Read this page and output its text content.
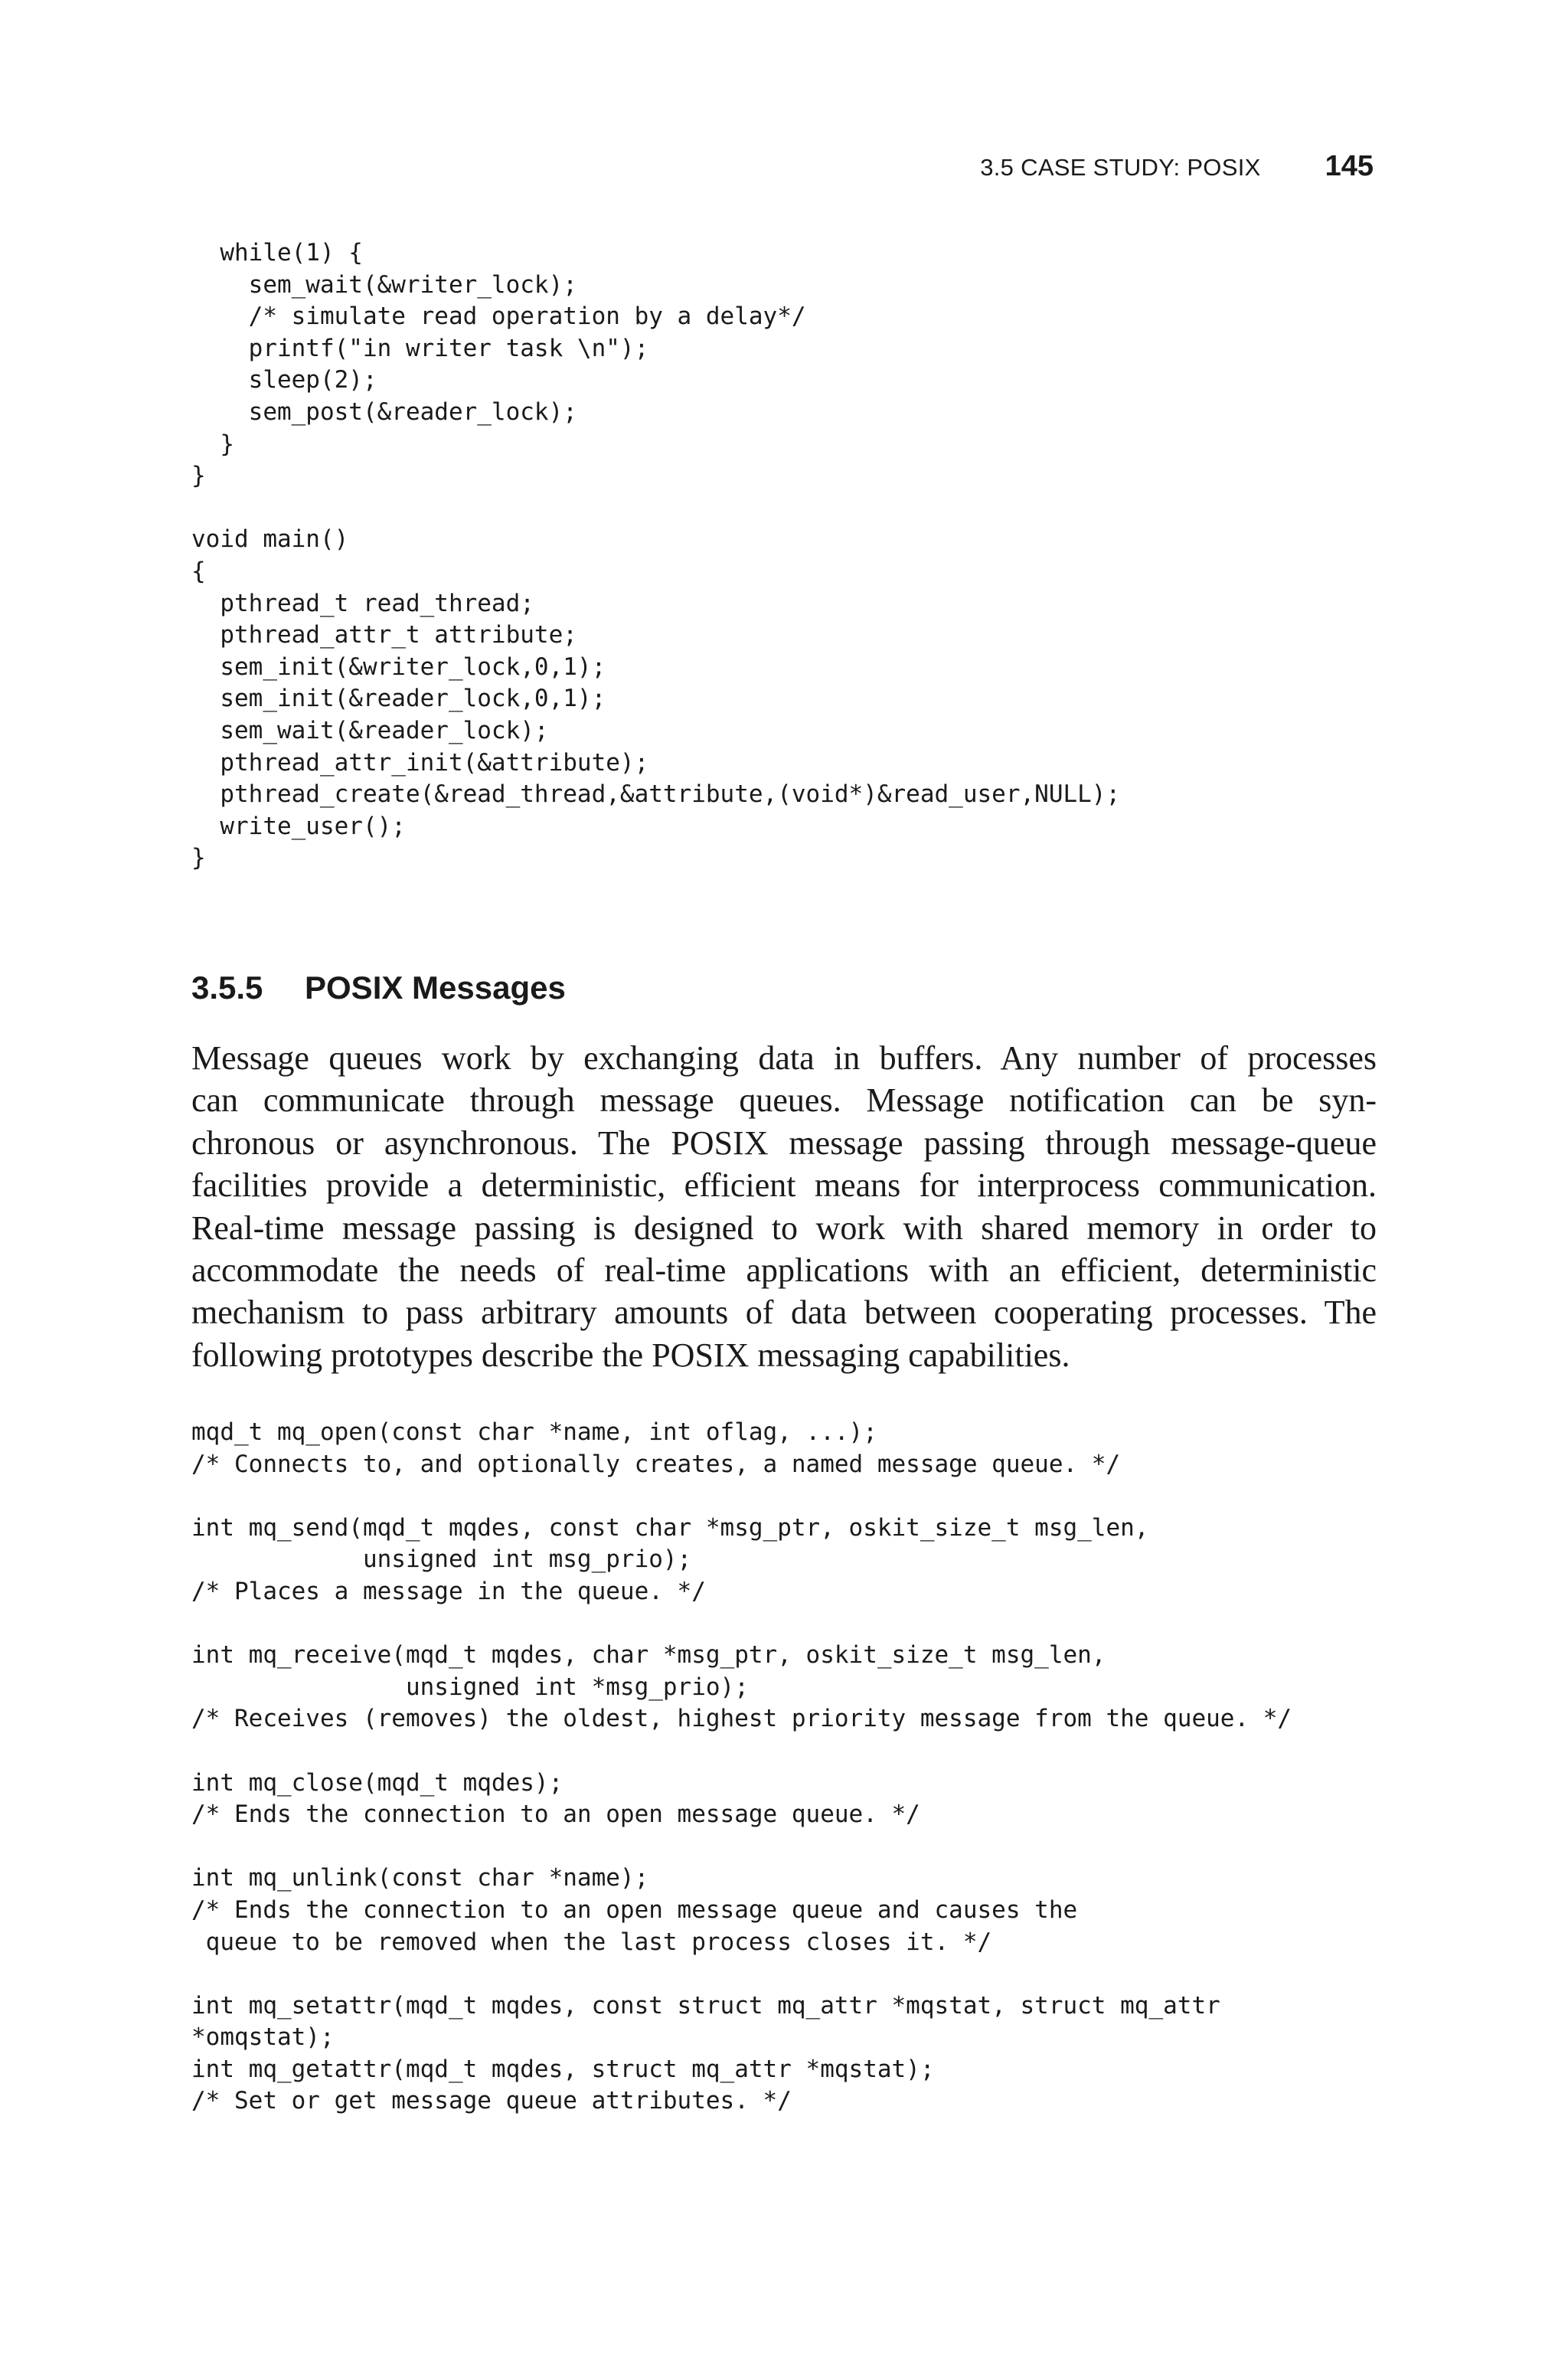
3.5 CASE STUDY: POSIX 145
while(1) {
sem_wait(&writer_lock);
/* simulate read operation by a delay*/
printf("in writer task \n");
sleep(2);
sem_post(&reader_lock);
}
}

void main()
{
pthread_t read_thread;
pthread_attr_t attribute;
sem_init(&writer_lock,0,1);
sem_init(&reader_lock,0,1);
sem_wait(&reader_lock);
pthread_attr_init(&attribute);
pthread_create(&read_thread,&attribute,(void*)&read_user,NULL);
write_user();
}
3.5.5	POSIX Messages

Message queues work by exchanging data in buffers. Any number of processes
can communicate through message queues. Message notification can be syn-
chronous or asynchronous. The POSIX message passing through message-queue
facilities provide a deterministic, efficient means for interprocess communication.
Real-time message passing is designed to work with shared memory in order to
accommodate the needs of real-time applications with an efficient, deterministic
mechanism to pass arbitrary amounts of data between cooperating processes. The
following prototypes describe the POSIX messaging capabilities.

mqd_t mq_open(const char *name, int oflag, ...);
/* Connects to, and optionally creates, a named message queue. */

int mq_send(mqd_t mqdes, const char *msg_ptr, oskit_size_t msg_len,
unsigned int msg_prio);
/* Places a message in the queue. */

int mq_receive(mqd_t mqdes, char *msg_ptr, oskit_size_t msg_len,
unsigned int *msg_prio);
/* Receives (removes) the oldest, highest priority message from the queue. */

int mq_close(mqd_t mqdes);
/* Ends the connection to an open message queue. */

int mq_unlink(const char *name);
/* Ends the connection to an open message queue and causes the
queue to be removed when the last process closes it. */

int mq_setattr(mqd_t mqdes, const struct mq_attr *mqstat, struct mq_attr
*omqstat);
int mq_getattr(mqd_t mqdes, struct mq_attr *mqstat);
/* Set or get message queue attributes. */
